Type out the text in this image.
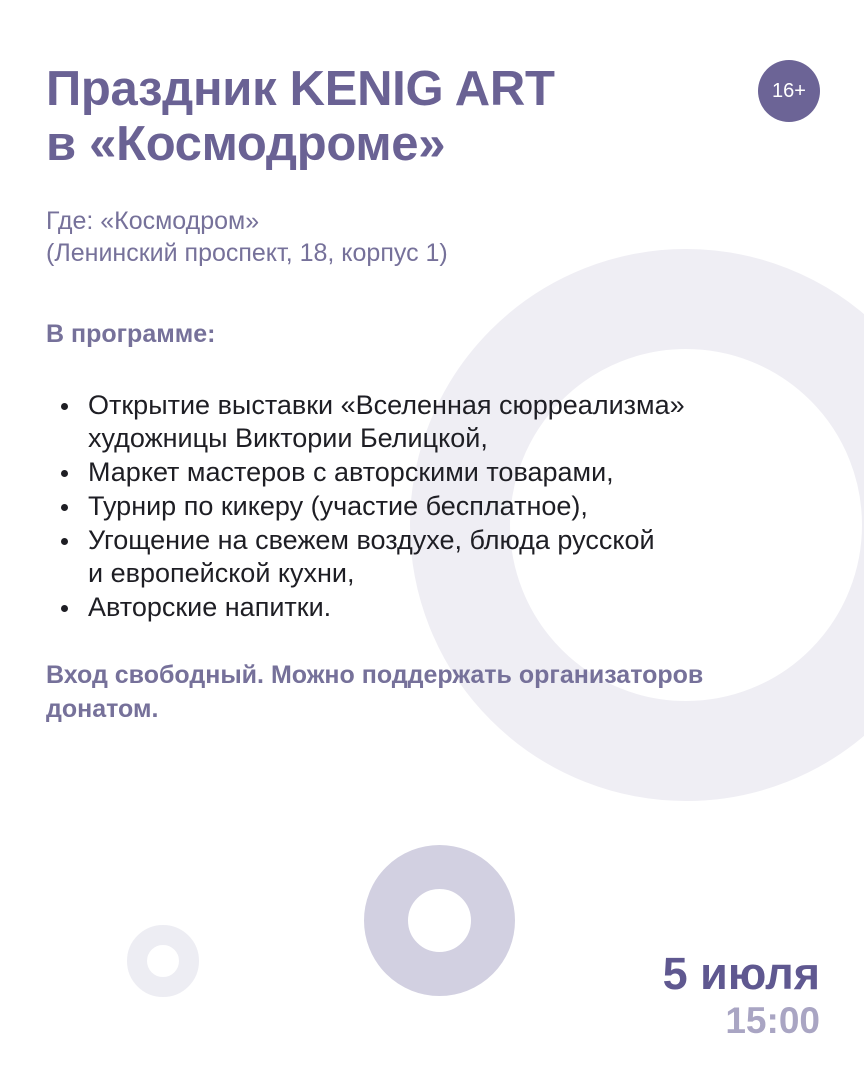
16+
Праздник KENIG ART
в «Космодроме»
Где: «Космодром»
(Ленинский проспект, 18, корпус 1)
В программе:
Открытие выставки «Вселенная сюрреализма»
художницы Виктории Белицкой,
Маркет мастеров с авторскими товарами,
Турнир по кикеру (участие бесплатное),
Угощение на свежем воздухе, блюда русской
и европейской кухни,
Авторские напитки.
Вход свободный. Можно поддержать организаторов
донатом.
5 июля
15:00
